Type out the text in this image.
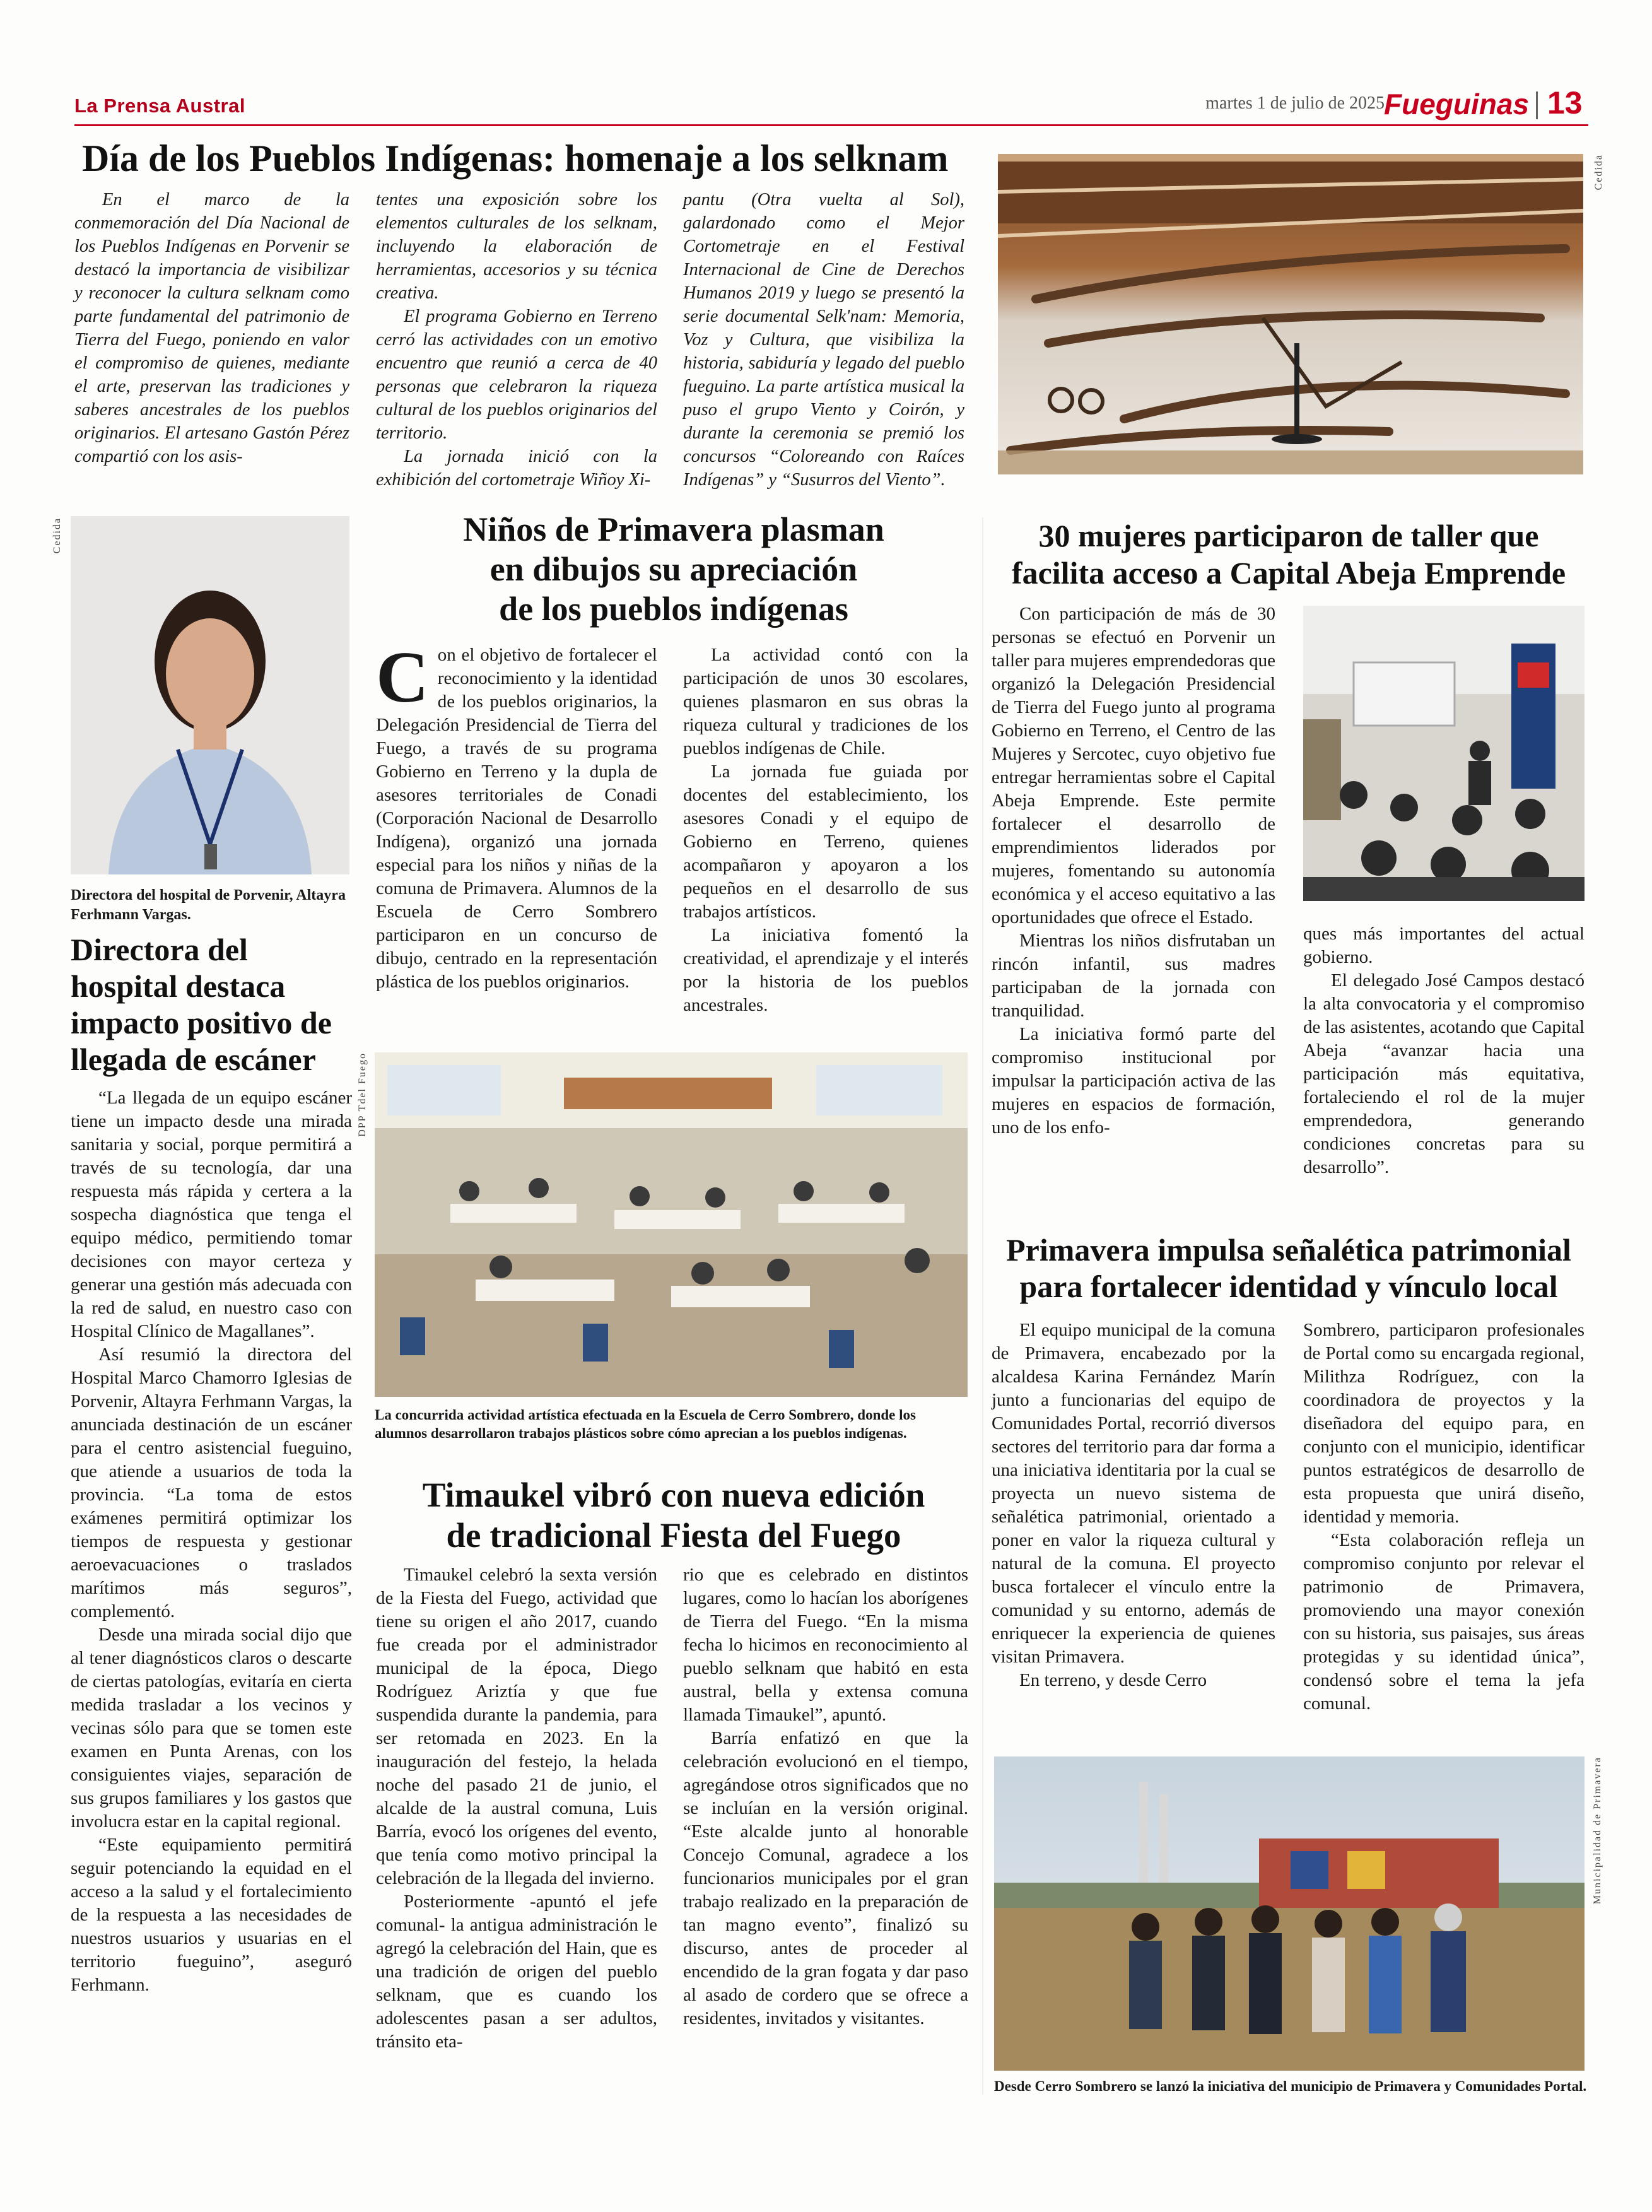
La Prensa Austral	martes 1 de julio de 2025 Fueguinas 13
Día de los Pueblos Indígenas: homenaje a los selknam

En el marco de la conmemoración del Día Nacional de los Pueblos Indígenas en Porvenir se destacó la importancia de visibilizar y reconocer la cultura selknam como parte fundamental del patrimonio de Tierra del Fuego, poniendo en valor el compromiso de quienes, mediante el arte, preservan las tradiciones y saberes ancestrales de los pueblos originarios. El artesano Gastón Pérez compartió con los asis-

tentes una exposición sobre los elementos culturales de los selknam, incluyendo la elaboración de herramientas, accesorios y su técnica creativa.

El programa Gobierno en Terreno cerró las actividades con un emotivo encuentro que reunió a cerca de 40 personas que celebraron la riqueza cultural de los pueblos originarios del territorio.

La jornada inició con la exhibición del cortometraje Wiñoy Xi-

pantu (Otra vuelta al Sol), galardonado como el Mejor Cortometraje en el Festival Internacional de Cine de Derechos Humanos 2019 y luego se presentó la serie documental Selk'nam: Memoria, Voz y Cultura, que visibiliza la historia, sabiduría y legado del pueblo fueguino. La parte artística musical la puso el grupo Viento y Coirón, y durante la ceremonia se premió los concursos “Coloreando con Raíces Indígenas” y “Susurros del Viento”.

Cedida
Cedida
Directora del hospital de Porvenir, Altayra Ferhmann Vargas.
Directora del hospital destaca impacto positivo de llegada de escáner

“La llegada de un equipo escáner tiene un impacto desde una mirada sanitaria y social, porque permitirá a través de su tecnología, dar una respuesta más rápida y certera a la sospecha diagnóstica que tenga el equipo médico, permitiendo tomar decisiones con mayor certeza y generar una gestión más adecuada con la red de salud, en nuestro caso con Hospital Clínico de Magallanes”.

Así resumió la directora del Hospital Marco Chamorro Iglesias de Porvenir, Altayra Ferhmann Vargas, la anunciada destinación de un escáner para el centro asistencial fueguino, que atiende a usuarios de toda la provincia. “La toma de estos exámenes permitirá optimizar los tiempos de respuesta y gestionar aeroevacuaciones o traslados marítimos más seguros”, complementó.

Desde una mirada social dijo que al tener diagnósticos claros o descarte de ciertas patologías, evitaría en cierta medida trasladar a los vecinos y vecinas sólo para que se tomen este examen en Punta Arenas, con los consiguientes viajes, separación de sus grupos familiares y los gastos que involucra estar en la capital regional.

“Este equipamiento permitirá seguir potenciando la equidad en el acceso a la salud y el fortalecimiento de la respuesta a las necesidades de nuestros usuarios y usuarias en el territorio fueguino”, aseguró Ferhmann.

Niños de Primavera plasman
en dibujos su apreciación
de los pueblos indígenas
C on el objetivo de fortalecer el reconocimiento y la identidad de los pueblos originarios, la Delegación Presidencial de Tierra del Fuego, a través de su programa Gobierno en Terreno y la dupla de asesores territoriales de Conadi (Corporación Nacional de Desarrollo Indígena), organizó una jornada especial para los niños y niñas de la comuna de Primavera. Alumnos de la Escuela de Cerro Sombrero participaron en un concurso de dibujo, centrado en la representación plástica de los pueblos originarios.

La actividad contó con la participación de unos 30 escolares, quienes plasmaron en sus obras la riqueza cultural y tradiciones de los pueblos indígenas de Chile.

La jornada fue guiada por docentes del establecimiento, los asesores Conadi y el equipo de Gobierno en Terreno, quienes acompañaron y apoyaron a los pequeños en el desarrollo de sus trabajos artísticos.

La iniciativa fomentó la creatividad, el aprendizaje y el interés por la historia de los pueblos ancestrales.

DPP Tdel Fuego
La concurrida actividad artística efectuada en la Escuela de Cerro Sombrero, donde los alumnos desarrollaron trabajos plásticos sobre cómo aprecian a los pueblos indígenas.
Timaukel vibró con nueva edición
de tradicional Fiesta del Fuego

Timaukel celebró la sexta versión de la Fiesta del Fuego, actividad que tiene su origen el año 2017, cuando fue creada por el administrador municipal de la época, Diego Rodríguez Ariztía y que fue suspendida durante la pandemia, para ser retomada en 2023. En la inauguración del festejo, la helada noche del pasado 21 de junio, el alcalde de la austral comuna, Luis Barría, evocó los orígenes del evento, que tenía como motivo principal la celebración de la llegada del invierno.

Posteriormente -apuntó el jefe comunal- la antigua administración le agregó la celebración del Hain, que es una tradición de origen del pueblo selknam, que es cuando los adolescentes pasan a ser adultos, tránsito eta-

rio que es celebrado en distintos lugares, como lo hacían los aborígenes de Tierra del Fuego. “En la misma fecha lo hicimos en reconocimiento al pueblo selknam que habitó en esta austral, bella y extensa comuna llamada Timaukel”, apuntó.

Barría enfatizó en que la celebración evolucionó en el tiempo, agregándose otros significados que no se incluían en la versión original. “Este alcalde junto al honorable Concejo Comunal, agradece a los funcionarios municipales por el gran trabajo realizado en la preparación de tan magno evento”, finalizó su discurso, antes de proceder al encendido de la gran fogata y dar paso al asado de cordero que se ofrece a residentes, invitados y visitantes.

30 mujeres participaron de taller que
facilita acceso a Capital Abeja Emprende

Con participación de más de 30 personas se efectuó en Porvenir un taller para mujeres emprendedoras que organizó la Delegación Presidencial de Tierra del Fuego junto al programa Gobierno en Terreno, el Centro de las Mujeres y Sercotec, cuyo objetivo fue entregar herramientas sobre el Capital Abeja Emprende. Este permite fortalecer el desarrollo de emprendimientos liderados por mujeres, fomentando su autonomía económica y el acceso equitativo a las oportunidades que ofrece el Estado.

Mientras los niños disfrutaban un rincón infantil, sus madres participaban de la jornada con tranquilidad.

La iniciativa formó parte del compromiso institucional por impulsar la participación activa de las mujeres en espacios de formación, uno de los enfo-

ques más importantes del actual gobierno.

El delegado José Campos destacó la alta convocatoria y el compromiso de las asistentes, acotando que Capital Abeja “avanzar hacia una participación más equitativa, fortaleciendo el rol de la mujer emprendedora, generando condiciones concretas para su desarrollo”.

Primavera impulsa señalética patrimonial
para fortalecer identidad y vínculo local

El equipo municipal de la comuna de Primavera, encabezado por la alcaldesa Karina Fernández Marín junto a funcionarias del equipo de Comunidades Portal, recorrió diversos sectores del territorio para dar forma a una iniciativa identitaria por la cual se proyecta un nuevo sistema de señalética patrimonial, orientado a poner en valor la riqueza cultural y natural de la comuna. El proyecto busca fortalecer el vínculo entre la comunidad y su entorno, además de enriquecer la experiencia de quienes visitan Primavera.

En terreno, y desde Cerro

Sombrero, participaron profesionales de Portal como su encargada regional, Milithza Rodríguez, con la coordinadora de proyectos y la diseñadora del equipo para, en conjunto con el municipio, identificar puntos estratégicos de desarrollo de esta propuesta que unirá diseño, identidad y memoria.

“Esta colaboración refleja un compromiso conjunto por relevar el patrimonio de Primavera, promoviendo una mayor conexión con su historia, sus paisajes, sus áreas protegidas y su identidad única”, condensó sobre el tema la jefa comunal.

Municipalidad de Primavera
Desde Cerro Sombrero se lanzó la iniciativa del municipio de Primavera y Comunidades Portal.
